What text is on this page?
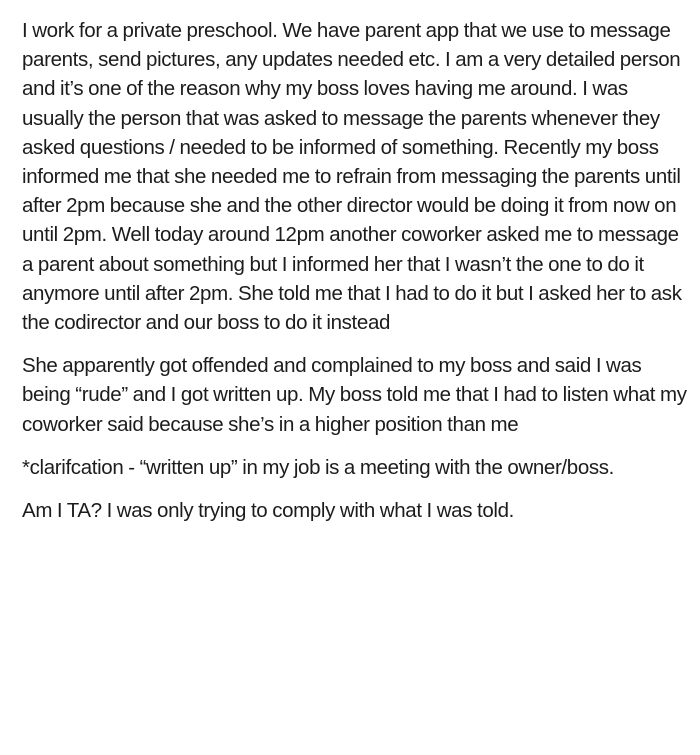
I work for a private preschool. We have parent app that we use to message parents, send pictures, any updates needed etc. I am a very detailed person and it’s one of the reason why my boss loves having me around. I was usually the person that was asked to message the parents whenever they asked questions / needed to be informed of something. Recently my boss informed me that she needed me to refrain from messaging the parents until after 2pm because she and the other director would be doing it from now on until 2pm. Well today around 12pm another coworker asked me to message a parent about something but I informed her that I wasn’t the one to do it anymore until after 2pm. She told me that I had to do it but I asked her to ask the codirector and our boss to do it instead

She apparently got offended and complained to my boss and said I was being “rude” and I got written up. My boss told me that I had to listen what my coworker said because she’s in a higher position than me

*clarifcation - “written up” in my job is a meeting with the owner/boss.

Am I TA? I was only trying to comply with what I was told.
